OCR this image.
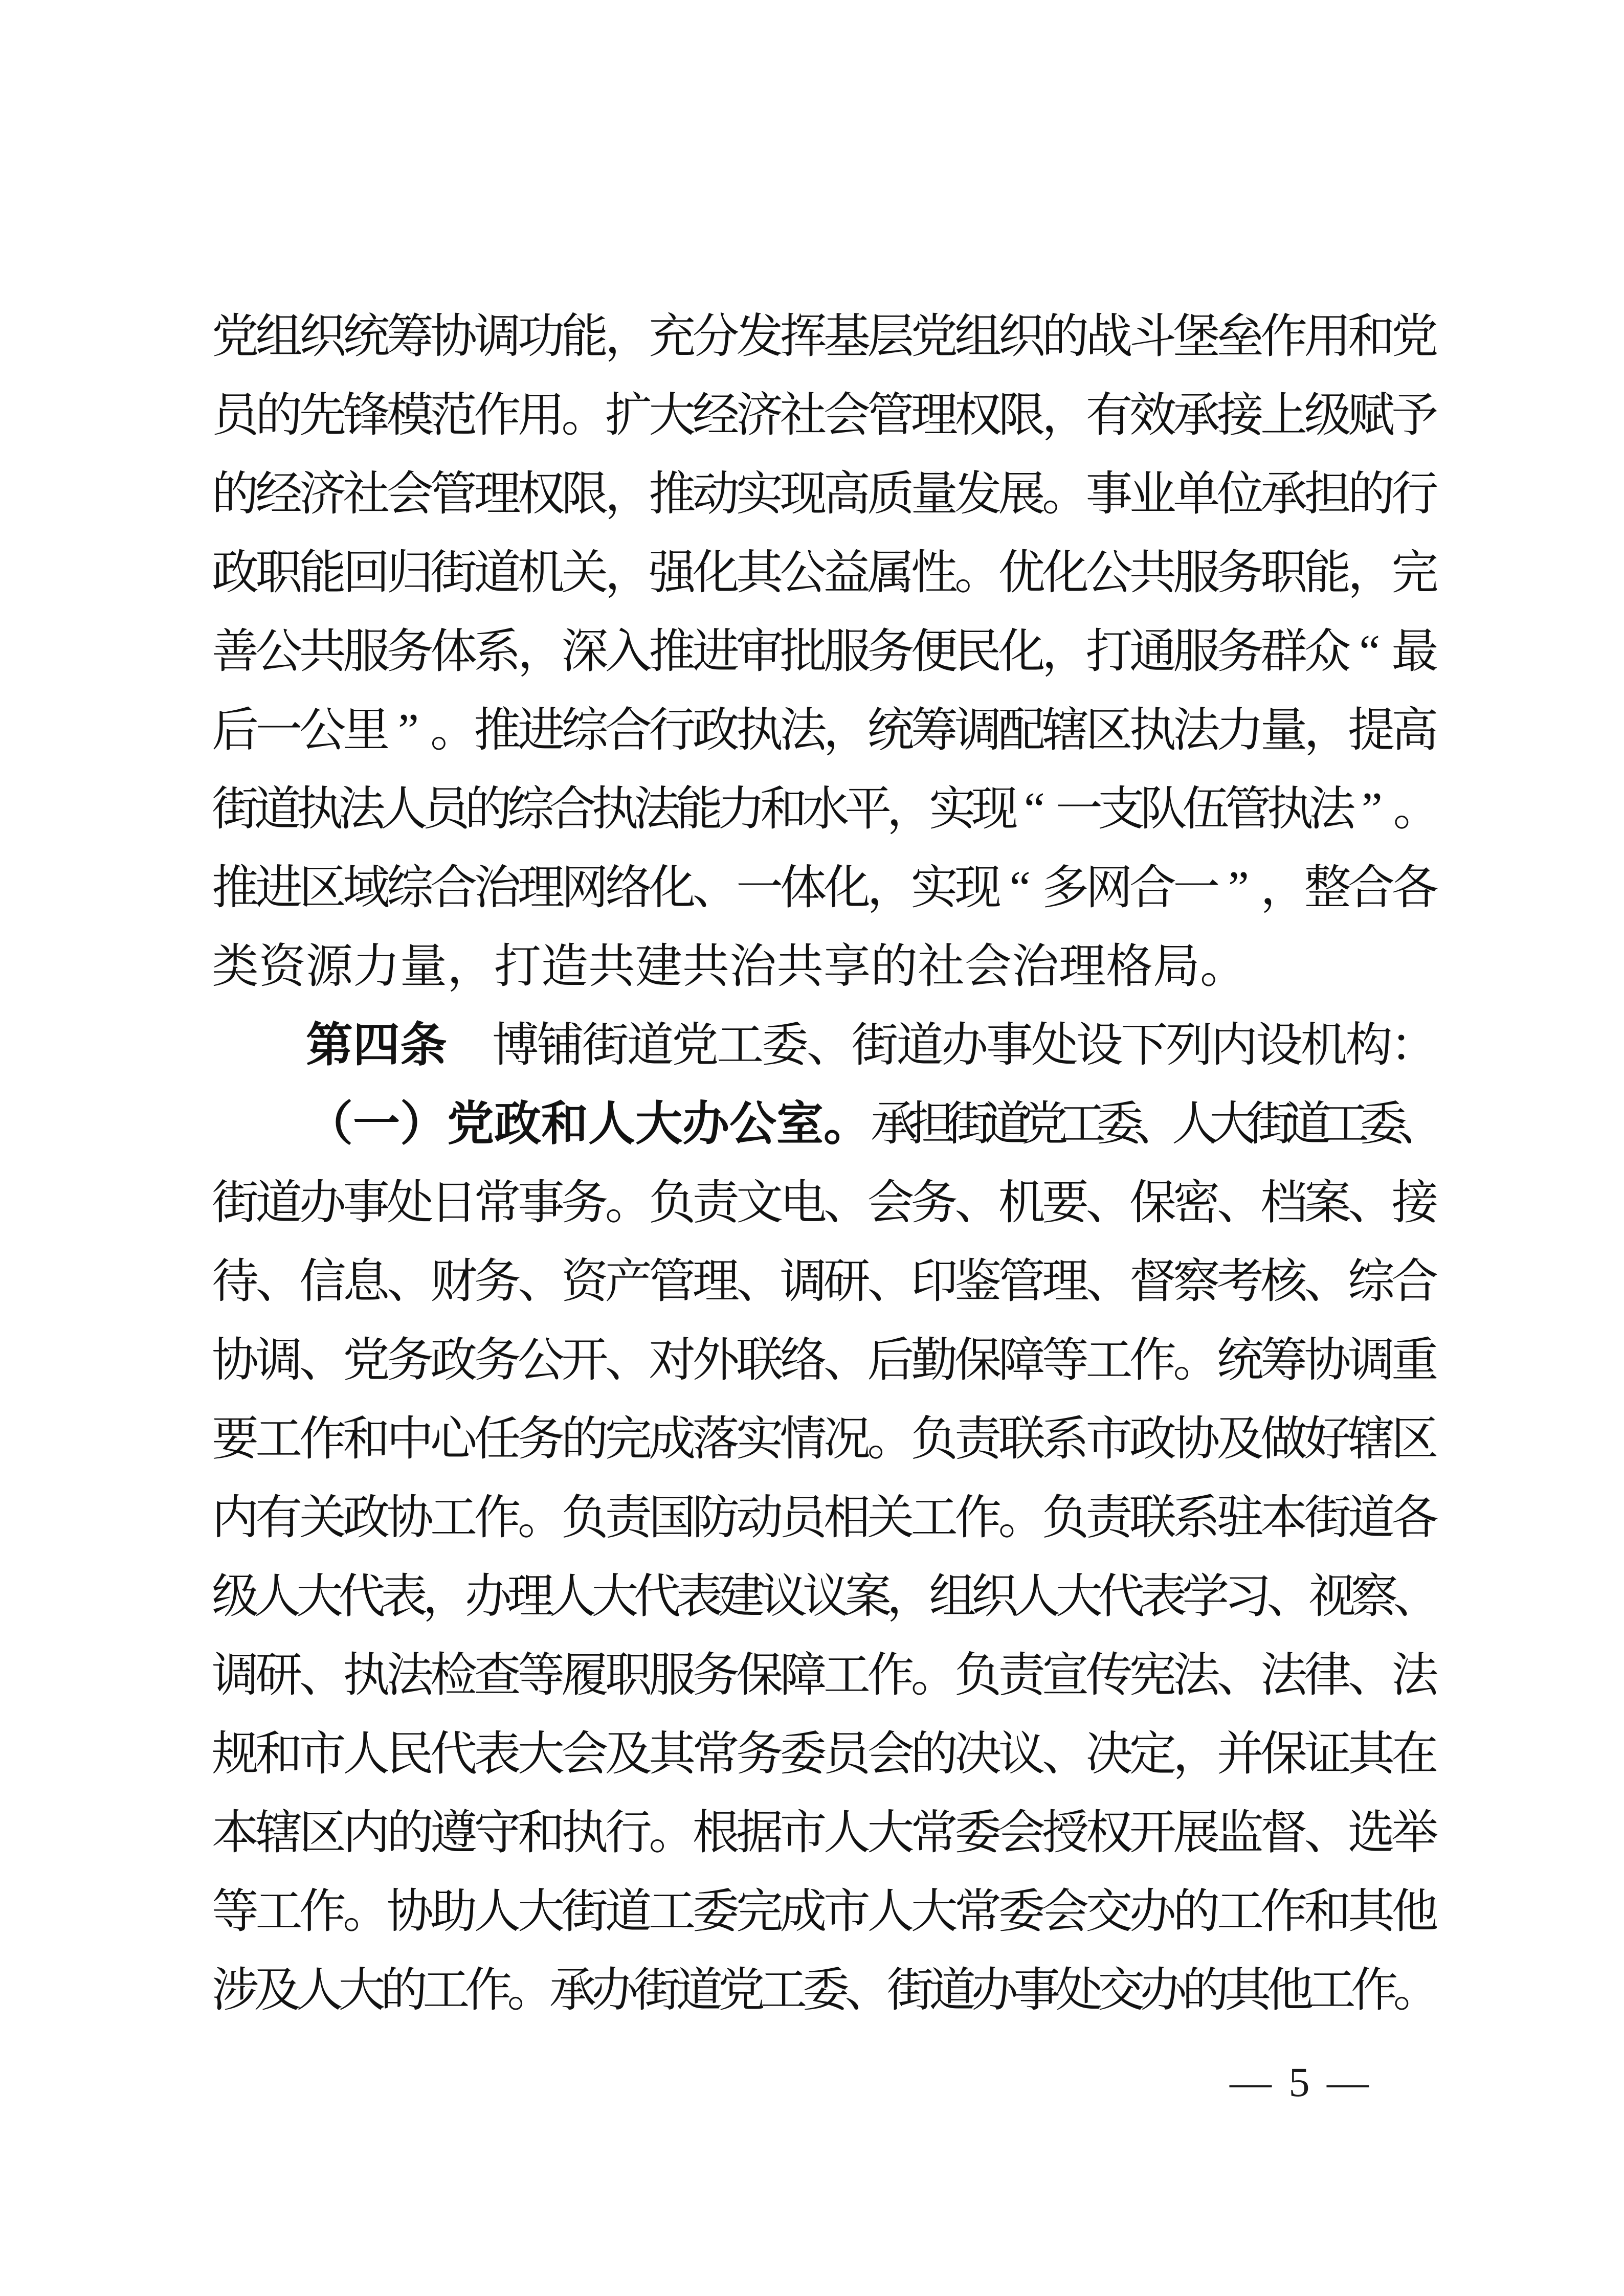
党
组
织
统
筹
协
调
功
能
，
充
分
发
挥
基
层
党
组
织
的
战
斗
堡
垒
作
用
和
党
员
的
先
锋
模
范
作
用
。
扩
大
经
济
社
会
管
理
权
限
，
有
效
承
接
上
级
赋
予
的
经
济
社
会
管
理
权
限
，
推
动
实
现
高
质
量
发
展
。
事
业
单
位
承
担
的
行
政
职
能
回
归
街
道
机
关
，
强
化
其
公
益
属
性
。
优
化
公
共
服
务
职
能
，
完
善
公
共
服
务
体
系
，
深
入
推
进
审
批
服
务
便
民
化
，
打
通
服
务
群
众 “ 最
后
一
公
里 ” 。
推
进
综
合
行
政
执
法
，
统
筹
调
配
辖
区
执
法
力
量
，
提
高
街
道
执
法
人
员
的
综
合
执
法
能
力
和
水
平
，
实
现 “ 一
支
队
伍
管
执
法 ” 。
推
进
区
域
综
合
治
理
网
络
化
、
一
体
化
，
实
现 “ 多
网
合
一 ” ，
整
合
各
类资源力量，打造共建共治共享的社会治理格局。
第四条 博
铺
街
道
党
工
委
、
街
道
办
事
处
设
下
列
内
设
机
构
：
（一）党政和人大办公室。 承
担
街
道
党
工
委
、
人
大
街
道
工
委
、
街
道
办
事
处
日
常
事
务
。
负
责
文
电
、
会
务
、
机
要
、
保
密
、
档
案
、
接
待
、
信
息
、
财
务
、
资
产
管
理
、
调
研
、
印
鉴
管
理
、
督
察
考
核
、
综
合
协
调
、
党
务
政
务
公
开
、
对
外
联
络
、
后
勤
保
障
等
工
作
。
统
筹
协
调
重
要
工
作
和
中
心
任
务
的
完
成
落
实
情
况
。
负
责
联
系
市
政
协
及
做
好
辖
区
内
有
关
政
协
工
作
。
负
责
国
防
动
员
相
关
工
作
。
负
责
联
系
驻
本
街
道
各
级
人
大
代
表
，
办
理
人
大
代
表
建
议
议
案
，
组
织
人
大
代
表
学
习
、
视
察
、
调
研
、
执
法
检
查
等
履
职
服
务
保
障
工
作
。
负
责
宣
传
宪
法
、
法
律
、
法
规
和
市
人
民
代
表
大
会
及
其
常
务
委
员
会
的
决
议
、
决
定
，
并
保
证
其
在
本
辖
区
内
的
遵
守
和
执
行
。
根
据
市
人
大
常
委
会
授
权
开
展
监
督
、
选
举
等
工
作
。
协
助
人
大
街
道
工
委
完
成
市
人
大
常
委
会
交
办
的
工
作
和
其
他
涉
及
人
大
的
工
作
。
承
办
街
道
党
工
委
、
街
道
办
事
处
交
办
的
其
他
工
作
。
— 5 —
